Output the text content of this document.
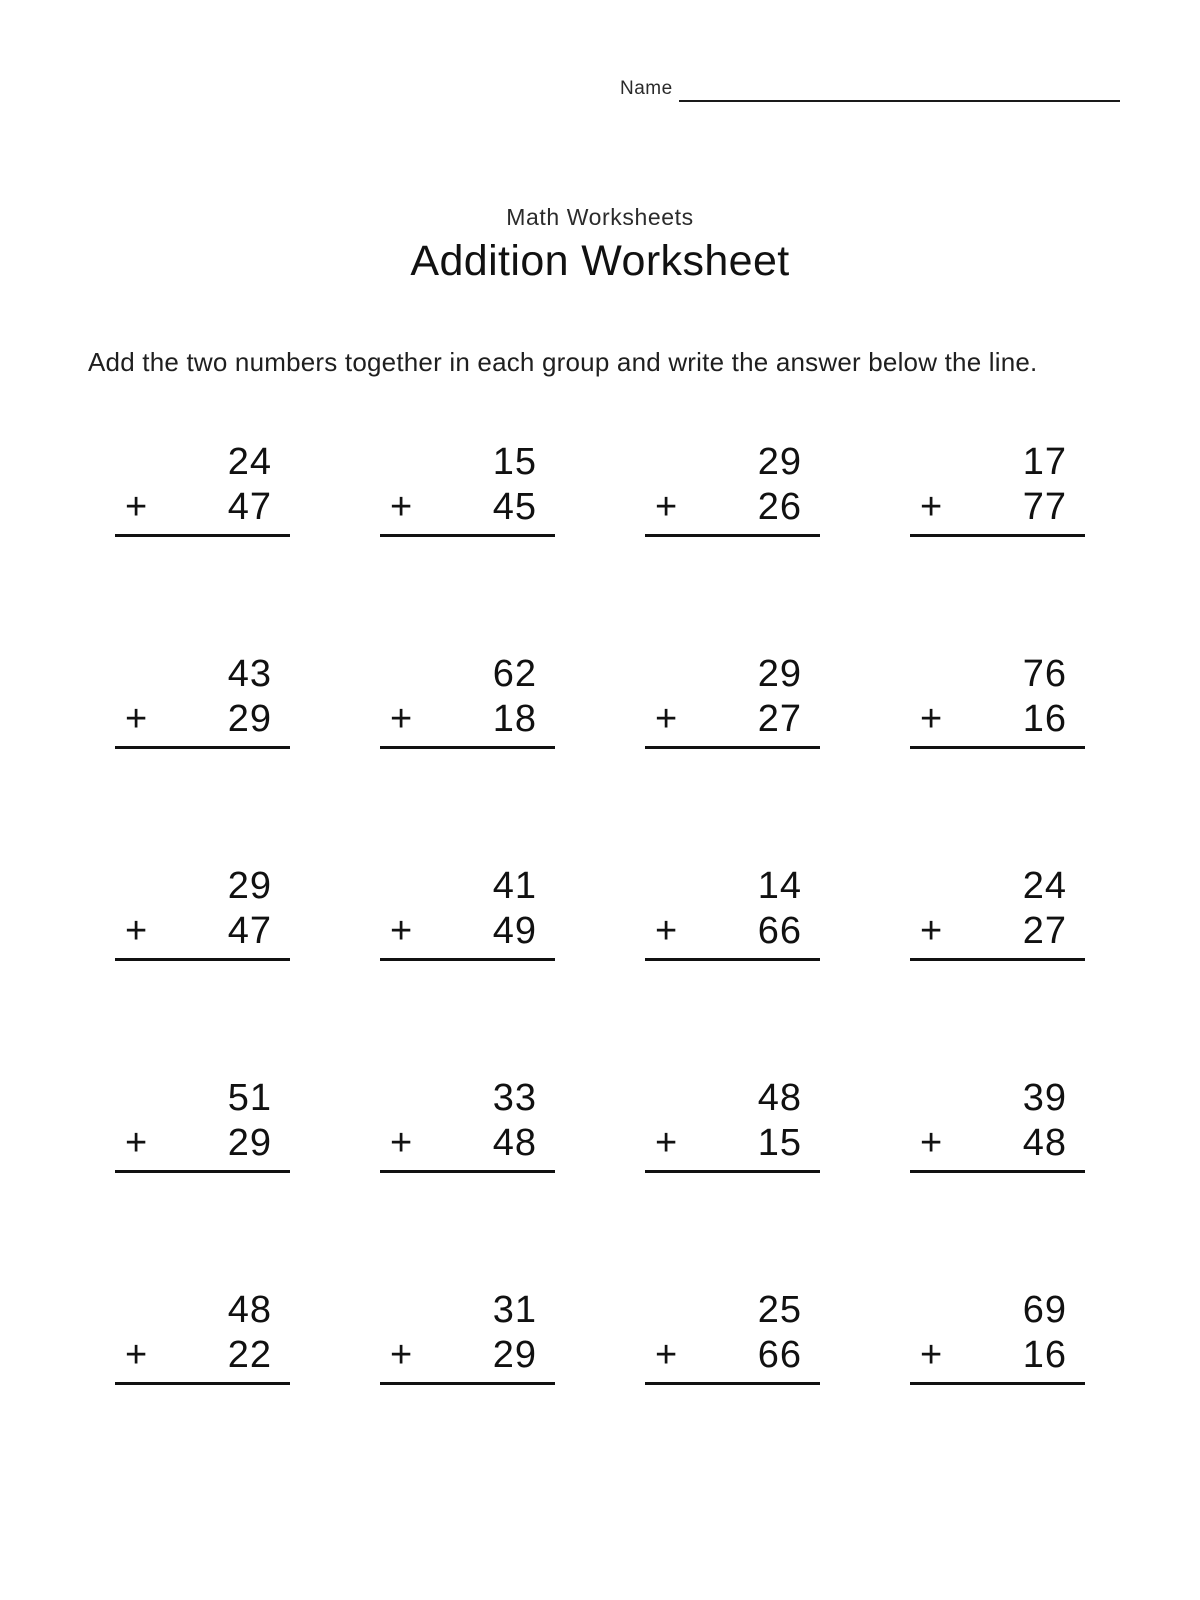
Name

Math Worksheets

Addition Worksheet

Add the two numbers together in each group and write the answer below the line.

24
+ 47
15
+ 45
29
+ 26
17
+ 77
43
+ 29
62
+ 18
29
+ 27
76
+ 16
29
+ 47
41
+ 49
14
+ 66
24
+ 27
51
+ 29
33
+ 48
48
+ 15
39
+ 48
48
+ 22
31
+ 29
25
+ 66
69
+ 16
